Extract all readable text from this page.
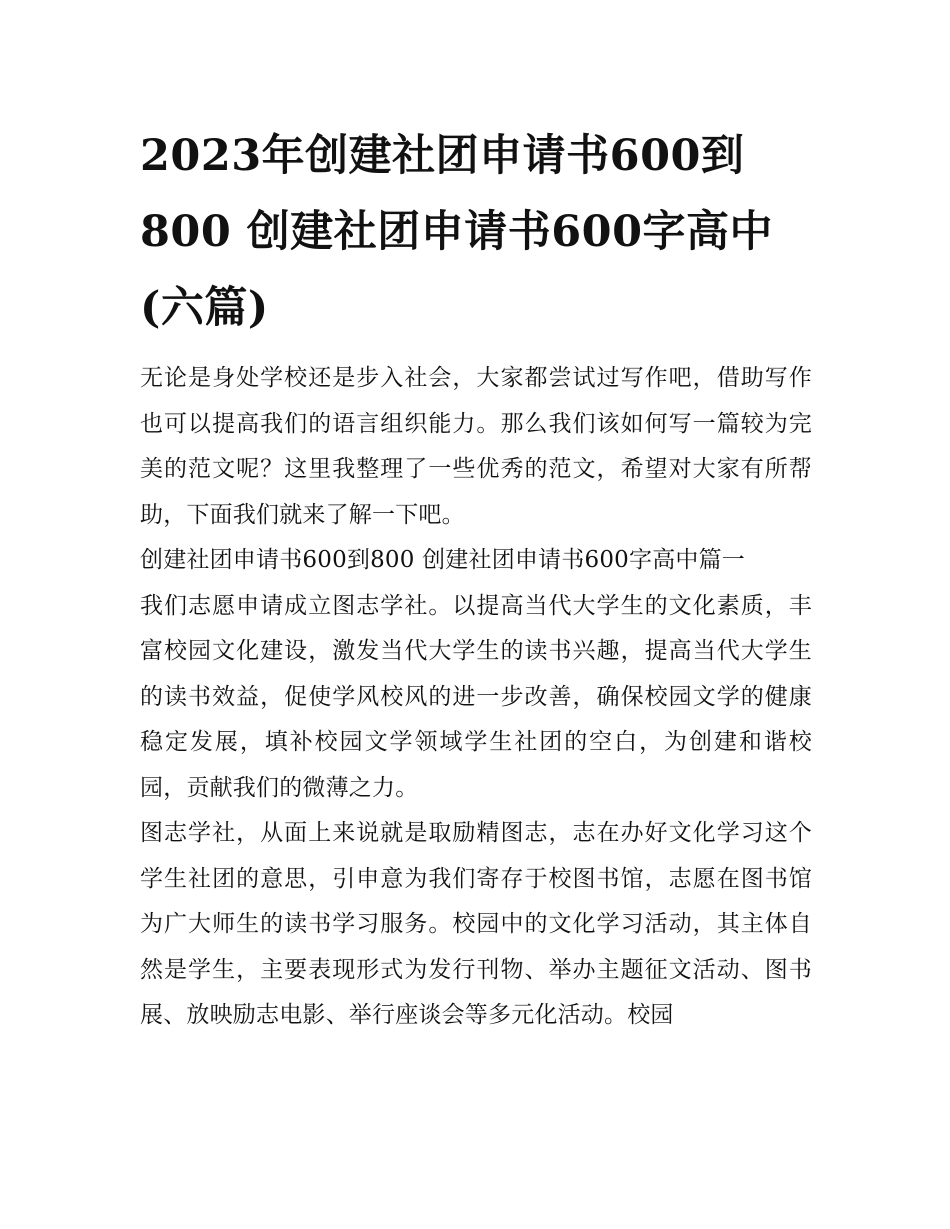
2023年创建社团申请书600到800 创建社团申请书600字高中(六篇)

无论是身处学校还是步入社会，大家都尝试过写作吧，借助写作也可以提高我们的语言组织能力。那么我们该如何写一篇较为完美的范文呢？这里我整理了一些优秀的范文，希望对大家有所帮助，下面我们就来了解一下吧。

创建社团申请书600到800 创建社团申请书600字高中篇一

我们志愿申请成立图志学社。以提高当代大学生的文化素质，丰富校园文化建设，激发当代大学生的读书兴趣，提高当代大学生的读书效益，促使学风校风的进一步改善，确保校园文学的健康稳定发展，填补校园文学领域学生社团的空白，为创建和谐校园，贡献我们的微薄之力。

图志学社，从面上来说就是取励精图志，志在办好文化学习这个学生社团的意思，引申意为我们寄存于校图书馆，志愿在图书馆为广大师生的读书学习服务。校园中的文化学习活动，其主体自然是学生，主要表现形式为发行刊物、举办主题征文活动、图书展、放映励志电影、举行座谈会等多元化活动。校园
